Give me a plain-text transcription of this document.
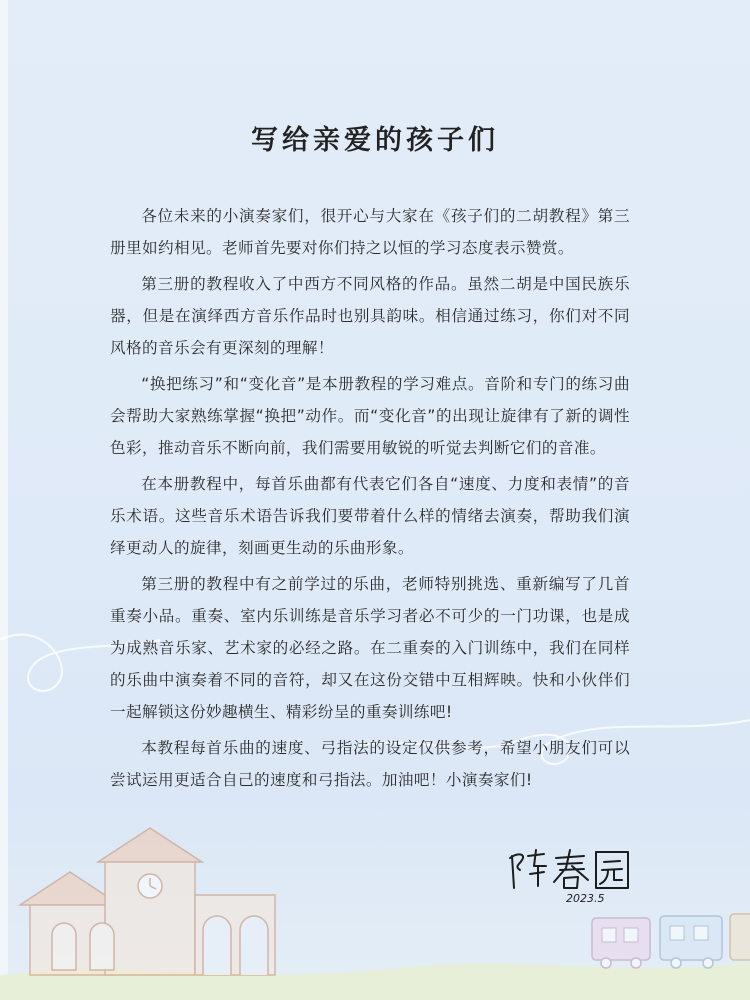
写给亲爱的孩子们

各位未来的小演奏家们，很开心与大家在《孩子们的二胡教程》第三册里如约相见。老师首先要对你们持之以恒的学习态度表示赞赏。

第三册的教程收入了中西方不同风格的作品。虽然二胡是中国民族乐器，但是在演绎西方音乐作品时也别具韵味。相信通过练习，你们对不同风格的音乐会有更深刻的理解！

“换把练习”和“变化音”是本册教程的学习难点。音阶和专门的练习曲会帮助大家熟练掌握“换把”动作。而“变化音”的出现让旋律有了新的调性色彩，推动音乐不断向前，我们需要用敏锐的听觉去判断它们的音准。

在本册教程中，每首乐曲都有代表它们各自“速度、力度和表情”的音乐术语。这些音乐术语告诉我们要带着什么样的情绪去演奏，帮助我们演绎更动人的旋律，刻画更生动的乐曲形象。

第三册的教程中有之前学过的乐曲，老师特别挑选、重新编写了几首重奏小品。重奏、室内乐训练是音乐学习者必不可少的一门功课，也是成为成熟音乐家、艺术家的必经之路。在二重奏的入门训练中，我们在同样的乐曲中演奏着不同的音符，却又在这份交错中互相辉映。快和小伙伴们一起解锁这份妙趣横生、精彩纷呈的重奏训练吧!

本教程每首乐曲的速度、弓指法的设定仅供参考，希望小朋友们可以尝试运用更适合自己的速度和弓指法。加油吧！小演奏家们!

2023.5
